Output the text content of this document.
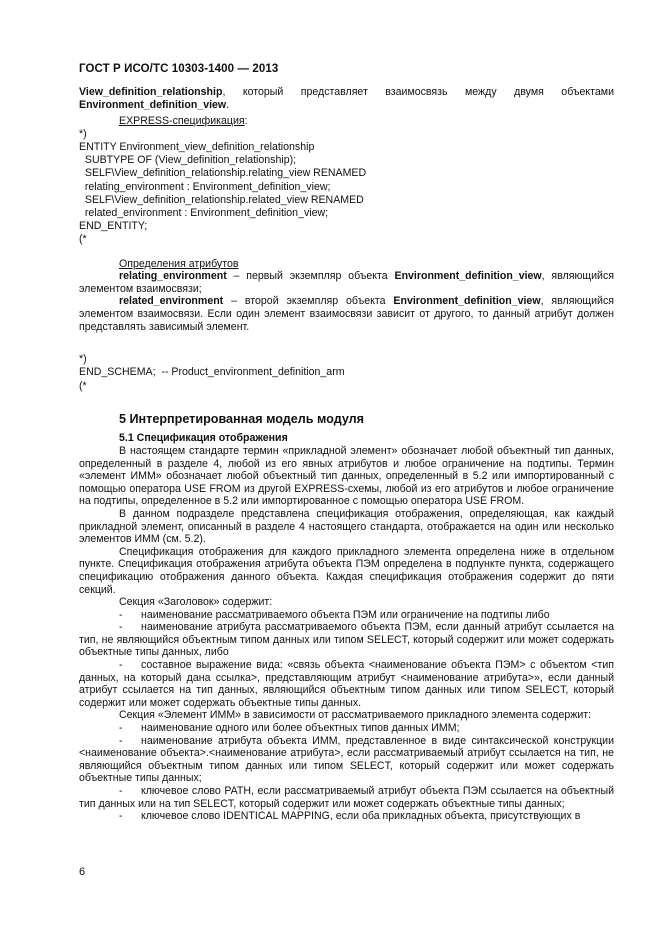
ГОСТ Р ИСО/ТС 10303-1400 — 2013

View_definition_relationship, который представляет взаимосвязь между двумя объектами Environment_definition_view.

EXPRESS-спецификация:

*)

ENTITY Environment_view_definition_relationship

SUBTYPE OF (View_definition_relationship);

SELF\View_definition_relationship.relating_view RENAMED

relating_environment : Environment_definition_view;

SELF\View_definition_relationship.related_view RENAMED

related_environment : Environment_definition_view;

END_ENTITY;

(*

Определения атрибутов

relating_environment – первый экземпляр объекта Environment_definition_view, являющийся элементом взаимосвязи;

related_environment – второй экземпляр объекта Environment_definition_view, являющийся элементом взаимосвязи. Если один элемент взаимосвязи зависит от другого, то данный атрибут должен представлять зависимый элемент.

*)

END_SCHEMA;  -- Product_environment_definition_arm

(*

5 Интерпретированная модель модуля

5.1 Спецификация отображения

В настоящем стандарте термин «прикладной элемент» обозначает любой объектный тип данных, определенный в разделе 4, любой из его явных атрибутов и любое ограничение на подтипы. Термин «элемент ИММ» обозначает любой объектный тип данных, определенный в 5.2 или импортированный с помощью оператора USE FROM из другой EXPRESS-схемы, любой из его атрибутов и любое ограничение на подтипы, определенное в 5.2 или импортированное с помощью оператора USE FROM.

В данном подразделе представлена спецификация отображения, определяющая, как каждый прикладной элемент, описанный в разделе 4 настоящего стандарта, отображается на один или несколько элементов ИММ (см. 5.2).

Спецификация отображения для каждого прикладного элемента определена ниже в отдельном пункте. Спецификация отображения атрибута объекта ПЭМ определена в подпункте пункта, содержащего спецификацию отображения данного объекта. Каждая спецификация отображения содержит до пяти секций.

Секция «Заголовок» содержит:

- наименование рассматриваемого объекта ПЭМ или ограничение на подтипы либо

- наименование атрибута рассматриваемого объекта ПЭМ, если данный атрибут ссылается на тип, не являющийся объектным типом данных или типом SELECT, который содержит или может содержать объектные типы данных, либо

- составное выражение вида: «связь объекта <наименование объекта ПЭМ> с объектом <тип данных, на который дана ссылка>, представляющим атрибут <наименование атрибута>», если данный атрибут ссылается на тип данных, являющийся объектным типом данных или типом SELECT, который содержит или может содержать объектные типы данных.

Секция «Элемент ИММ» в зависимости от рассматриваемого прикладного элемента содержит:

- наименование одного или более объектных типов данных ИММ;

- наименование атрибута объекта ИММ, представленное в виде синтаксической конструкции <наименование объекта>.<наименование атрибута>, если рассматриваемый атрибут ссылается на тип, не являющийся объектным типом данных или типом SELECT, который содержит или может содержать объектные типы данных;

- ключевое слово PATH, если рассматриваемый атрибут объекта ПЭМ ссылается на объектный тип данных или на тип SELECT, который содержит или может содержать объектные типы данных;

- ключевое слово IDENTICAL MAPPING, если оба прикладных объекта, присутствующих в

6
